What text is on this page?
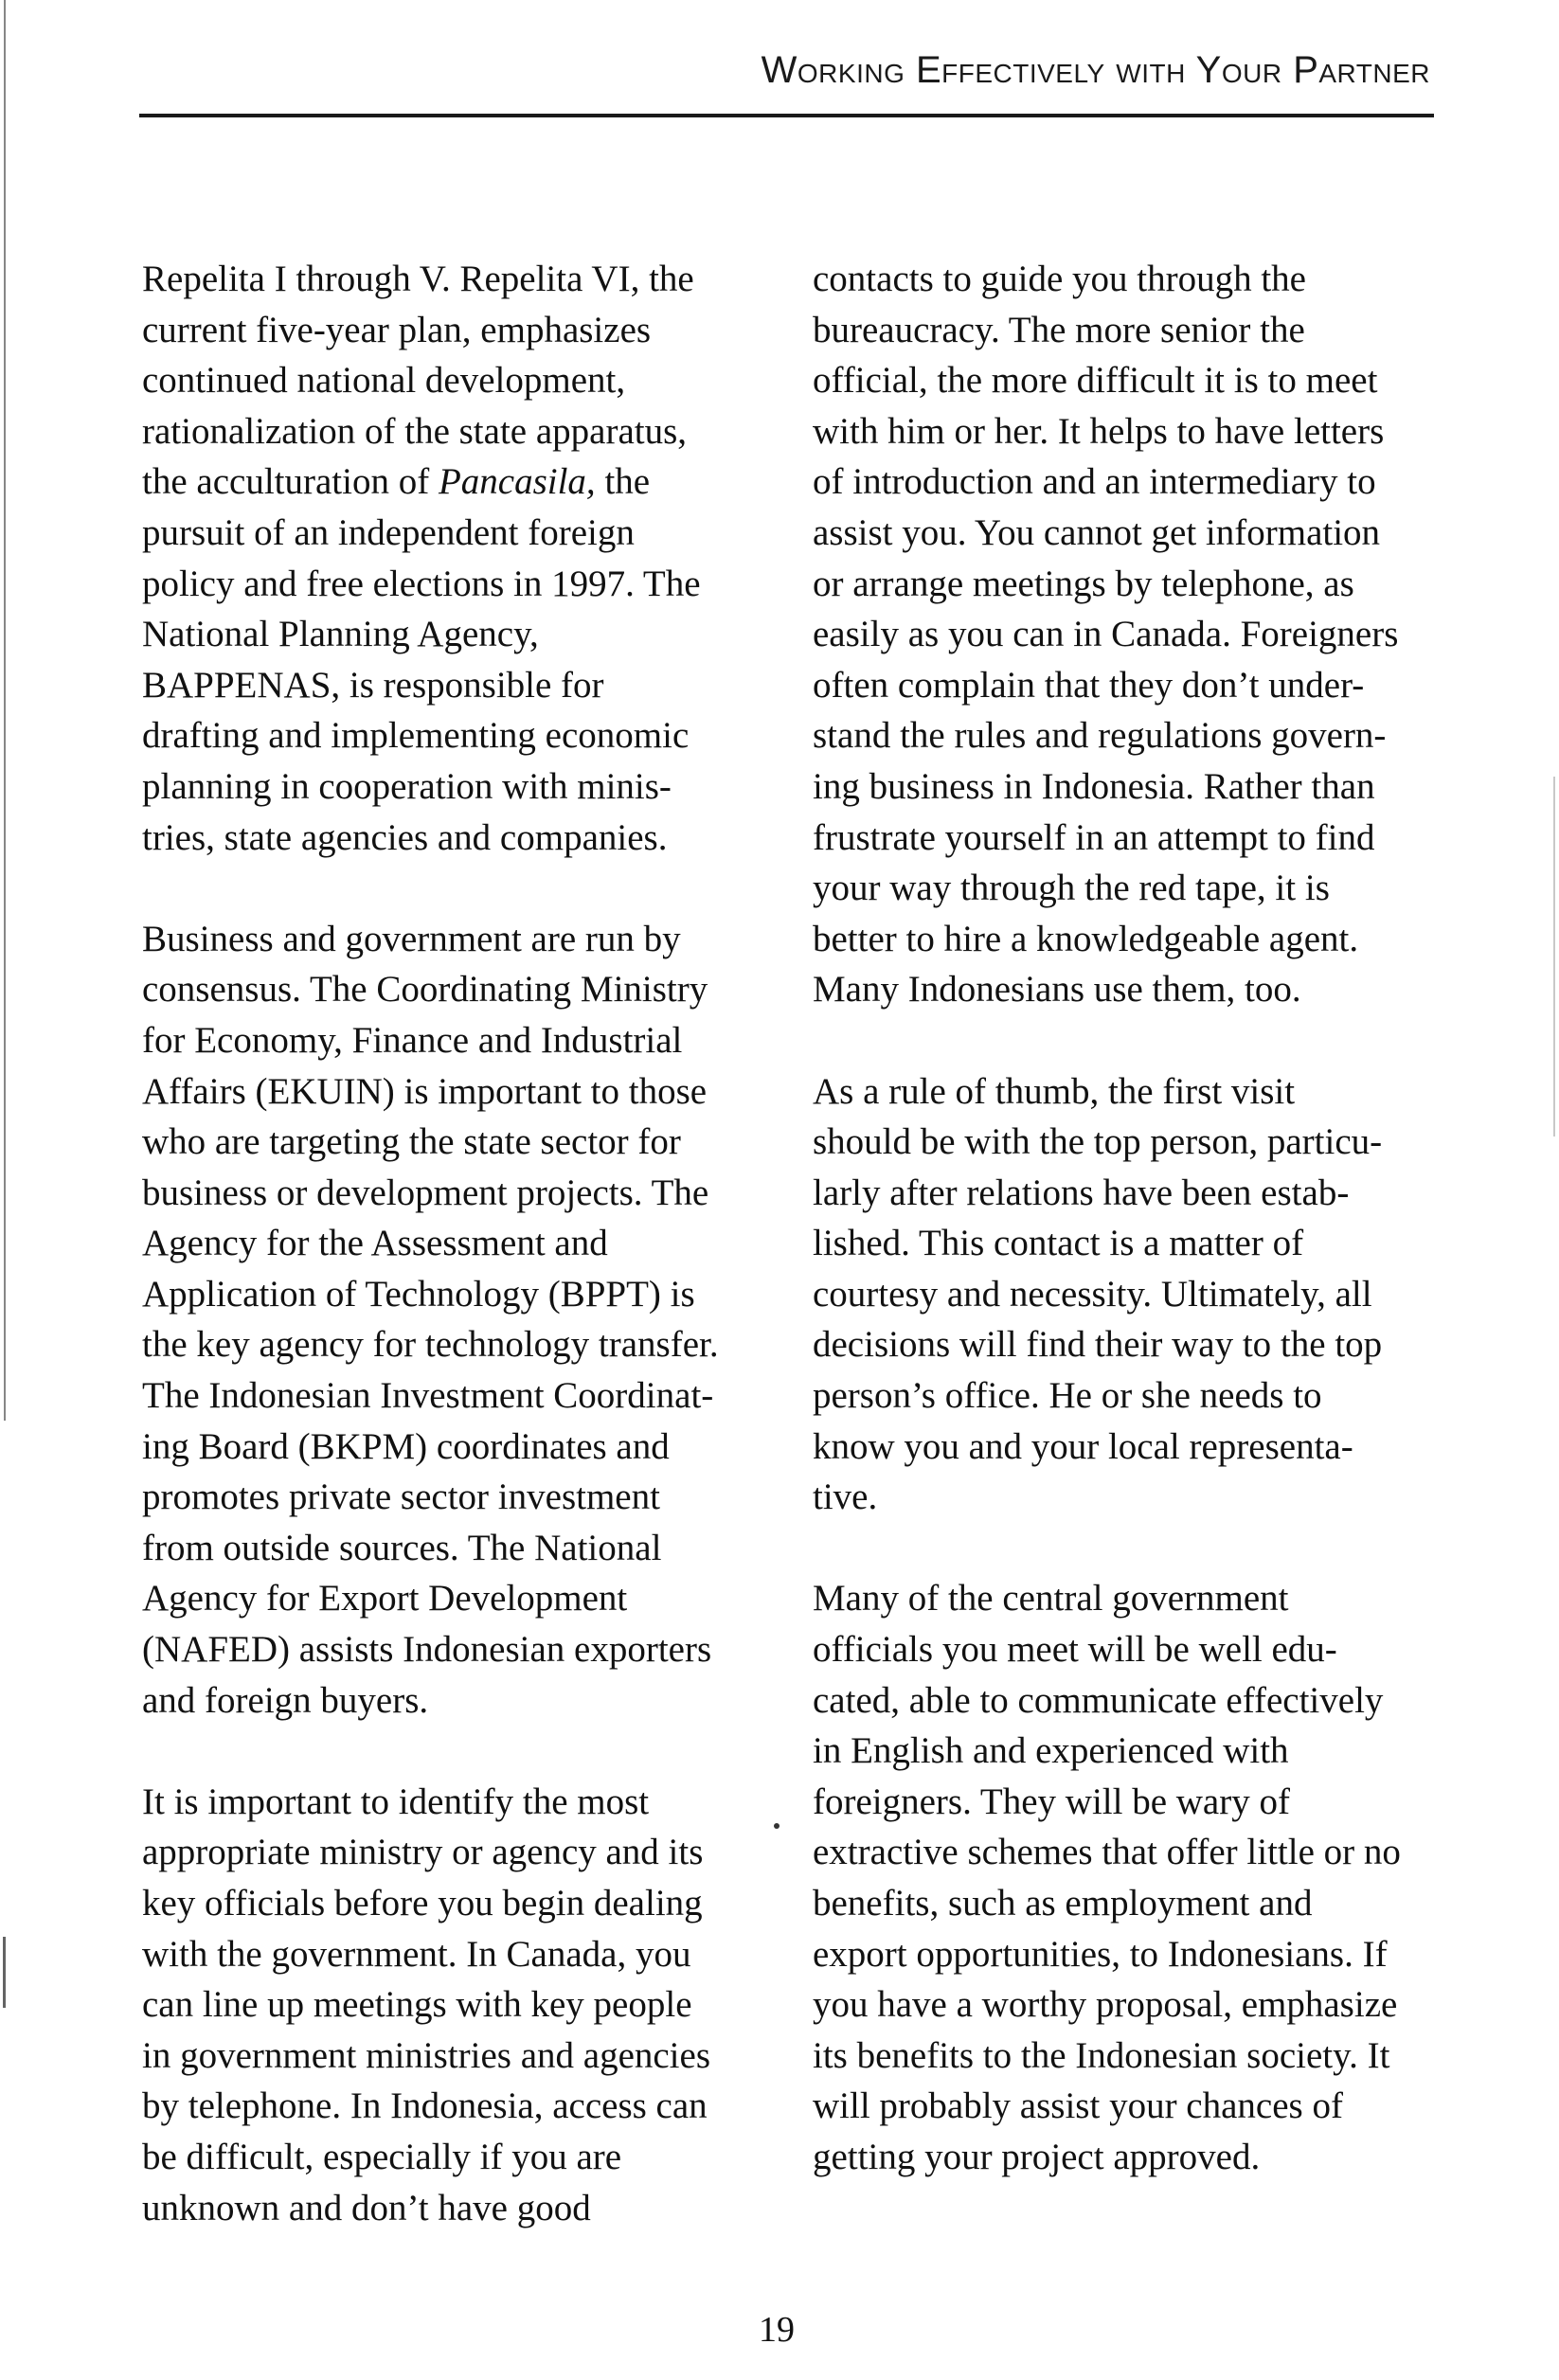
Working Effectively with Your Partner

Repelita I through V. Repelita VI, the
current five-year plan, emphasizes
continued national development,
rationalization of the state apparatus,
the acculturation of Pancasila, the
pursuit of an independent foreign
policy and free elections in 1997. The
National Planning Agency,
BAPPENAS, is responsible for
drafting and implementing economic
planning in cooperation with minis-
tries, state agencies and companies.

Business and government are run by
consensus. The Coordinating Ministry
for Economy, Finance and Industrial
Affairs (EKUIN) is important to those
who are targeting the state sector for
business or development projects. The
Agency for the Assessment and
Application of Technology (BPPT) is
the key agency for technology transfer.
The Indonesian Investment Coordinat-
ing Board (BKPM) coordinates and
promotes private sector investment
from outside sources. The National
Agency for Export Development
(NAFED) assists Indonesian exporters
and foreign buyers.

It is important to identify the most
appropriate ministry or agency and its
key officials before you begin dealing
with the government. In Canada, you
can line up meetings with key people
in government ministries and agencies
by telephone. In Indonesia, access can
be difficult, especially if you are
unknown and don’t have good

contacts to guide you through the
bureaucracy. The more senior the
official, the more difficult it is to meet
with him or her. It helps to have letters
of introduction and an intermediary to
assist you. You cannot get information
or arrange meetings by telephone, as
easily as you can in Canada. Foreigners
often complain that they don’t under-
stand the rules and regulations govern-
ing business in Indonesia. Rather than
frustrate yourself in an attempt to find
your way through the red tape, it is
better to hire a knowledgeable agent.
Many Indonesians use them, too.

As a rule of thumb, the first visit
should be with the top person, particu-
larly after relations have been estab-
lished. This contact is a matter of
courtesy and necessity. Ultimately, all
decisions will find their way to the top
person’s office. He or she needs to
know you and your local representa-
tive.

Many of the central government
officials you meet will be well edu-
cated, able to communicate effectively
in English and experienced with
foreigners. They will be wary of
extractive schemes that offer little or no
benefits, such as employment and
export opportunities, to Indonesians. If
you have a worthy proposal, emphasize
its benefits to the Indonesian society. It
will probably assist your chances of
getting your project approved.

19
